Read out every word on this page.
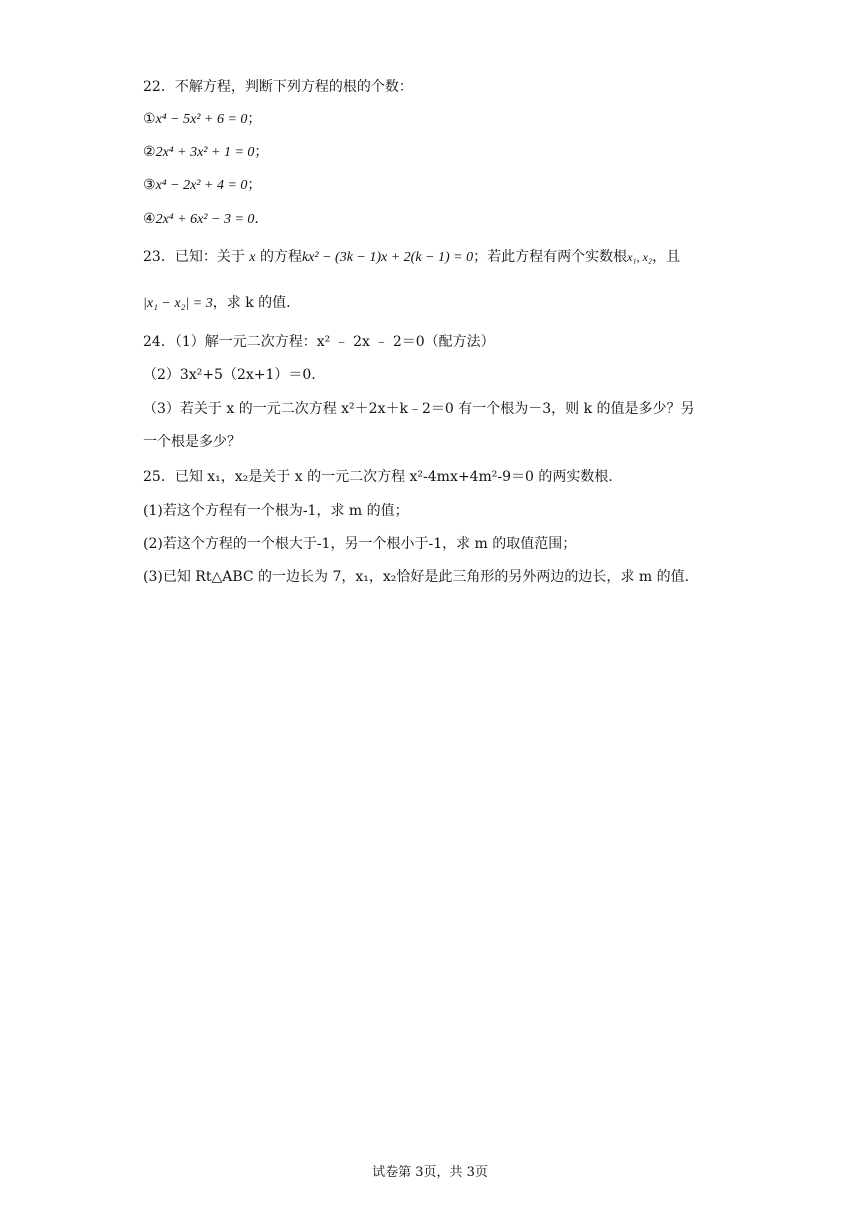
22．不解方程，判断下列方程的根的个数：
①x⁴ − 5x² + 6 = 0；
②2x⁴ + 3x² + 1 = 0；
③x⁴ − 2x² + 4 = 0；
④2x⁴ + 6x² − 3 = 0．
23．已知：关于 x 的方程kx² − (3k − 1)x + 2(k − 1) = 0；若此方程有两个实数根x₁, x₂，且
|x₁ − x₂| = 3，求 k 的值.
24．（1）解一元二次方程：x² ﹣ 2x ﹣ 2＝0（配方法）
（2）3x²+5（2x+1）＝0.
（3）若关于 x 的一元二次方程 x²＋2x＋k﹣2＝0 有一个根为－3，则 k 的值是多少？另
一个根是多少？
25．已知 x₁，x₂是关于 x 的一元二次方程 x²-4mx+4m²-9＝0 的两实数根.
(1)若这个方程有一个根为-1，求 m 的值；
(2)若这个方程的一个根大于-1，另一个根小于-1，求 m 的取值范围；
(3)已知 Rt△ABC 的一边长为 7，x₁，x₂恰好是此三角形的另外两边的边长，求 m 的值.
试卷第 3页，共 3页
